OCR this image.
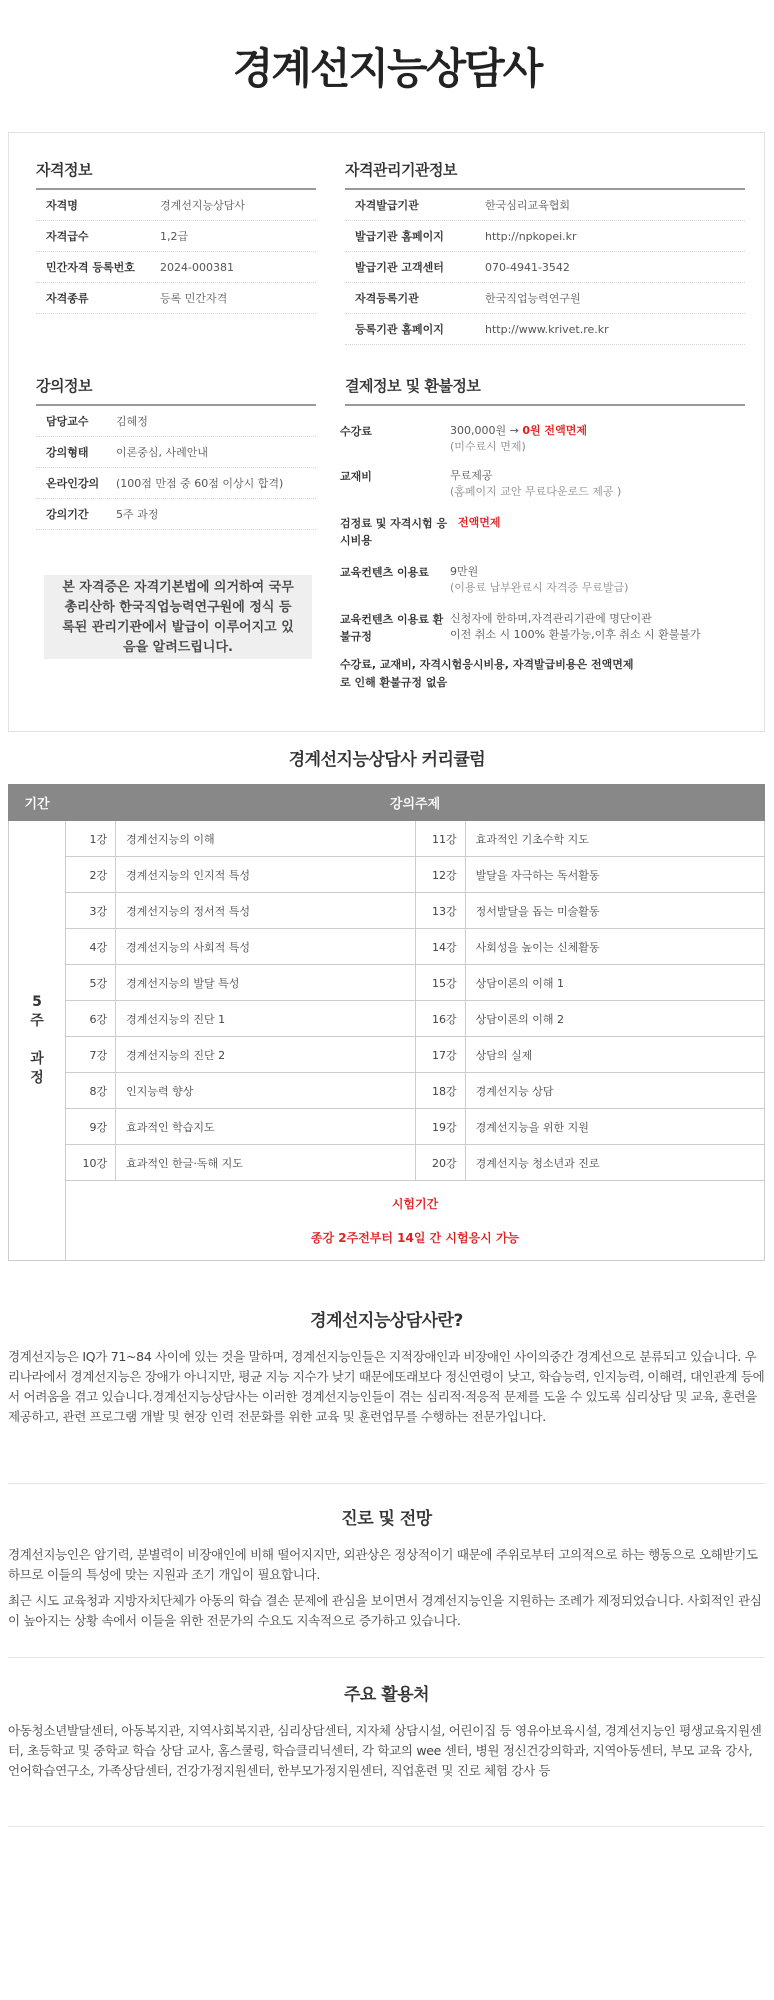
경계선지능상담사
자격정보
자격명	경계선지능상담사
자격급수	1,2급
민간자격 등록번호	2024-000381
자격종류	등록 민간자격
자격관리기관정보
자격발급기관	한국심리교육협회
발급기관 홈페이지	http://npkopei.kr
발급기관 고객센터	070-4941-3542
자격등록기관	한국직업능력연구원
등록기관 홈페이지	http://www.krivet.re.kr
강의정보
담당교수	김혜정
강의형태	이론중심, 사례안내
온라인강의	(100점 만점 중 60점 이상시 합격)
강의기간	5주 과정
본 자격증은 자격기본법에 의거하여 국무총리산하 한국직업능력연구원에 정식 등록된 관리기관에서 발급이 이루어지고 있음을 알려드립니다.
결제정보 및 환불정보
수강료	300,000원 → 0원 전액면제
(미수료시 면제)
교재비	무료제공
(홈페이지 교안 무료다운로드 제공 )
검정료 및 자격시험 응시비용
전액면제
교육컨텐츠 이용료	9만원
(이용료 납부완료시 자격증 무료발급)
교육컨텐츠 이용료 환불규정
신청자에 한하며,자격관리기관에 명단이관
이전 취소 시 100% 환불가능,이후 취소 시 환불불가
수강료, 교재비, 자격시험응시비용, 자격발급비용은 전액면제로 인해 환불규정 없음
경계선지능상담사 커리큘럼
기간	강의주제			
5
주

과
정	1강	경계선지능의 이해	11강	효과적인 기초수학 지도
	2강	경계선지능의 인지적 특성	12강	발달을 자극하는 독서활동
	3강	경계선지능의 정서적 특성	13강	정서발달을 돕는 미술활동
	4강	경계선지능의 사회적 특성	14강	사회성을 높이는 신체활동
	5강	경계선지능의 발달 특성	15강	상담이론의 이해 1
	6강	경계선지능의 진단 1	16강	상담이론의 이해 2
	7강	경계선지능의 진단 2	17강	상담의 실제
	8강	인지능력 향상	18강	경계선지능 상담
	9강	효과적인 학습지도	19강	경계선지능을 위한 지원
	10강	효과적인 한글·독해 지도	20강	경계선지능 청소년과 진로

	시험기간
종강 2주전부터 14일 간 시험응시 가능			
경계선지능상담사란?

경계선지능은 IQ가 71~84 사이에 있는 것을 말하며, 경계선지능인들은 지적장애인과 비장애인 사이의중간 경계선으로 분류되고 있습니다. 우리나라에서 경계선지능은 장애가 아니지만, 평균 지능 지수가 낮기 때문에또래보다 정신연령이 낮고, 학습능력, 인지능력, 이해력, 대인관계 등에서 어려움을 겪고 있습니다.경계선지능상담사는 이러한 경계선지능인들이 겪는 심리적·적응적 문제를 도울 수 있도록 심리상담 및 교육, 훈련을 제공하고, 관련 프로그램 개발 및 현장 인력 전문화를 위한 교육 및 훈련업무를 수행하는 전문가입니다.

진로 및 전망

경계선지능인은 암기력, 분별력이 비장애인에 비해 떨어지지만, 외관상은 정상적이기 때문에 주위로부터 고의적으로 하는 행동으로 오해받기도 하므로 이들의 특성에 맞는 지원과 조기 개입이 필요합니다.

최근 시도 교육청과 지방자치단체가 아동의 학습 결손 문제에 관심을 보이면서 경계선지능인을 지원하는 조례가 제정되었습니다. 사회적인 관심이 높아지는 상황 속에서 이들을 위한 전문가의 수요도 지속적으로 증가하고 있습니다.

주요 활용처

아동청소년발달센터, 아동복지관, 지역사회복지관, 심리상담센터, 지자체 상담시설, 어린이집 등 영유아보육시설, 경계선지능인 평생교육지원센터, 초등학교 및 중학교 학습 상담 교사, 홈스쿨링, 학습클리닉센터, 각 학교의 wee 센터, 병원 정신건강의학과, 지역아동센터, 부모 교육 강사, 언어학습연구소, 가족상담센터, 건강가정지원센터, 한부모가정지원센터, 직업훈련 및 진로 체험 강사 등
